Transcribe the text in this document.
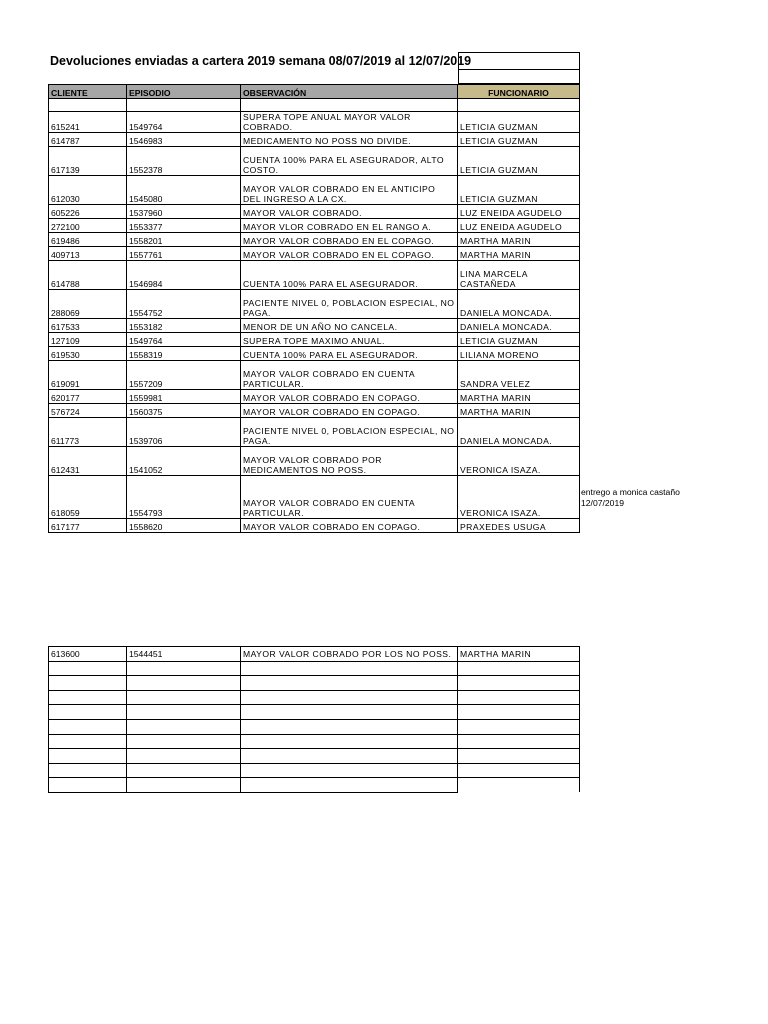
Devoluciones enviadas a cartera 2019 semana 08/07/2019 al 12/07/2019
CLIENTE	EPISODIO	OBSERVACIÓN	FUNCIONARIO

615241	1549764	SUPERA TOPE ANUAL MAYOR VALOR COBRADO.	LETICIA GUZMAN
614787	1546983	MEDICAMENTO NO POSS NO DIVIDE.	LETICIA GUZMAN
617139	1552378	CUENTA 100% PARA EL ASEGURADOR, ALTO COSTO.	LETICIA GUZMAN
612030	1545080	MAYOR VALOR COBRADO EN EL ANTICIPO DEL INGRESO A LA CX.	LETICIA GUZMAN
605226	1537960	MAYOR VALOR COBRADO.	LUZ ENEIDA AGUDELO
272100	1553377	MAYOR VLOR COBRADO EN EL RANGO A.	LUZ ENEIDA AGUDELO
619486	1558201	MAYOR VALOR COBRADO EN EL COPAGO.	MARTHA MARIN
409713	1557761	MAYOR VALOR COBRADO EN EL COPAGO.	MARTHA MARIN
614788	1546984	CUENTA 100% PARA EL ASEGURADOR.	LINA MARCELA CASTAÑEDA
288069	1554752	PACIENTE NIVEL 0, POBLACION ESPECIAL, NO PAGA.	DANIELA MONCADA.
617533	1553182	MENOR DE UN AÑO NO CANCELA.	DANIELA MONCADA.
127109	1549764	SUPERA TOPE MAXIMO ANUAL.	LETICIA GUZMAN
619530	1558319	CUENTA 100% PARA EL ASEGURADOR.	LILIANA MORENO
619091	1557209	MAYOR VALOR COBRADO EN CUENTA PARTICULAR.	SANDRA VELEZ
620177	1559981	MAYOR VALOR COBRADO EN COPAGO.	MARTHA MARIN
576724	1560375	MAYOR VALOR COBRADO EN COPAGO.	MARTHA MARIN
611773	1539706	PACIENTE NIVEL 0, POBLACION ESPECIAL, NO PAGA.	DANIELA MONCADA.
612431	1541052	MAYOR VALOR COBRADO POR MEDICAMENTOS NO POSS.	VERONICA ISAZA.
618059	1554793	MAYOR VALOR COBRADO EN CUENTA PARTICULAR.	VERONICA ISAZA.
617177	1558620	MAYOR VALOR COBRADO EN COPAGO.	PRAXEDES USUGA
entrego a monica castaño 12/07/2019
613600	1544451	MAYOR VALOR COBRADO POR LOS NO POSS.	MARTHA MARIN
